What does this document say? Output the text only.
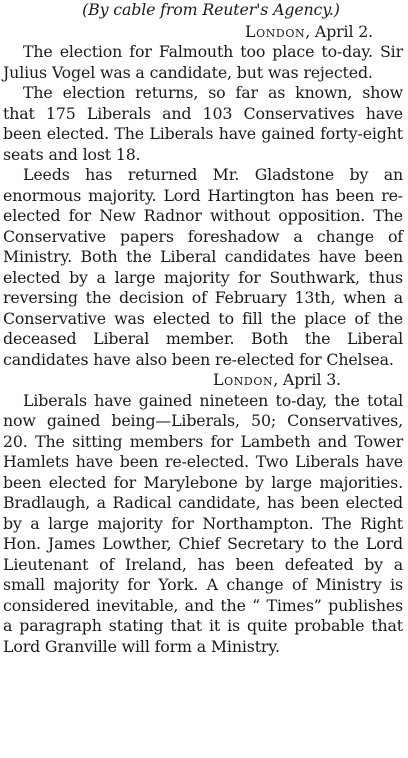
(By cable from Reuter's Agency.)
London, April 2.

The election for Falmouth too place to-day. Sir Julius Vogel was a candidate, but was rejected.

The election returns, so far as known, show that 175 Liberals and 103 Conservatives have been elected. The Liberals have gained forty-eight seats and lost 18.

Leeds has returned Mr. Gladstone by an enormous majority. Lord Hartington has been re-elected for New Radnor without opposition. The Conservative papers foreshadow a change of Ministry. Both the Liberal candidates have been elected by a large majority for Southwark, thus reversing the decision of February 13th, when a Conservative was elected to fill the place of the deceased Liberal member. Both the Liberal candidates have also been re-elected for Chelsea.

London, April 3.

Liberals have gained nineteen to-day, the total now gained being—Liberals, 50; Conservatives, 20. The sitting members for Lambeth and Tower Hamlets have been re-elected. Two Liberals have been elected for Marylebone by large majorities. Bradlaugh, a Radical candidate, has been elected by a large majority for Northampton. The Right Hon. James Lowther, Chief Secretary to the Lord Lieutenant of Ireland, has been defeated by a small majority for York. A change of Ministry is considered inevitable, and the “ Times” publishes a paragraph stating that it is quite probable that Lord Granville will form a Ministry.
